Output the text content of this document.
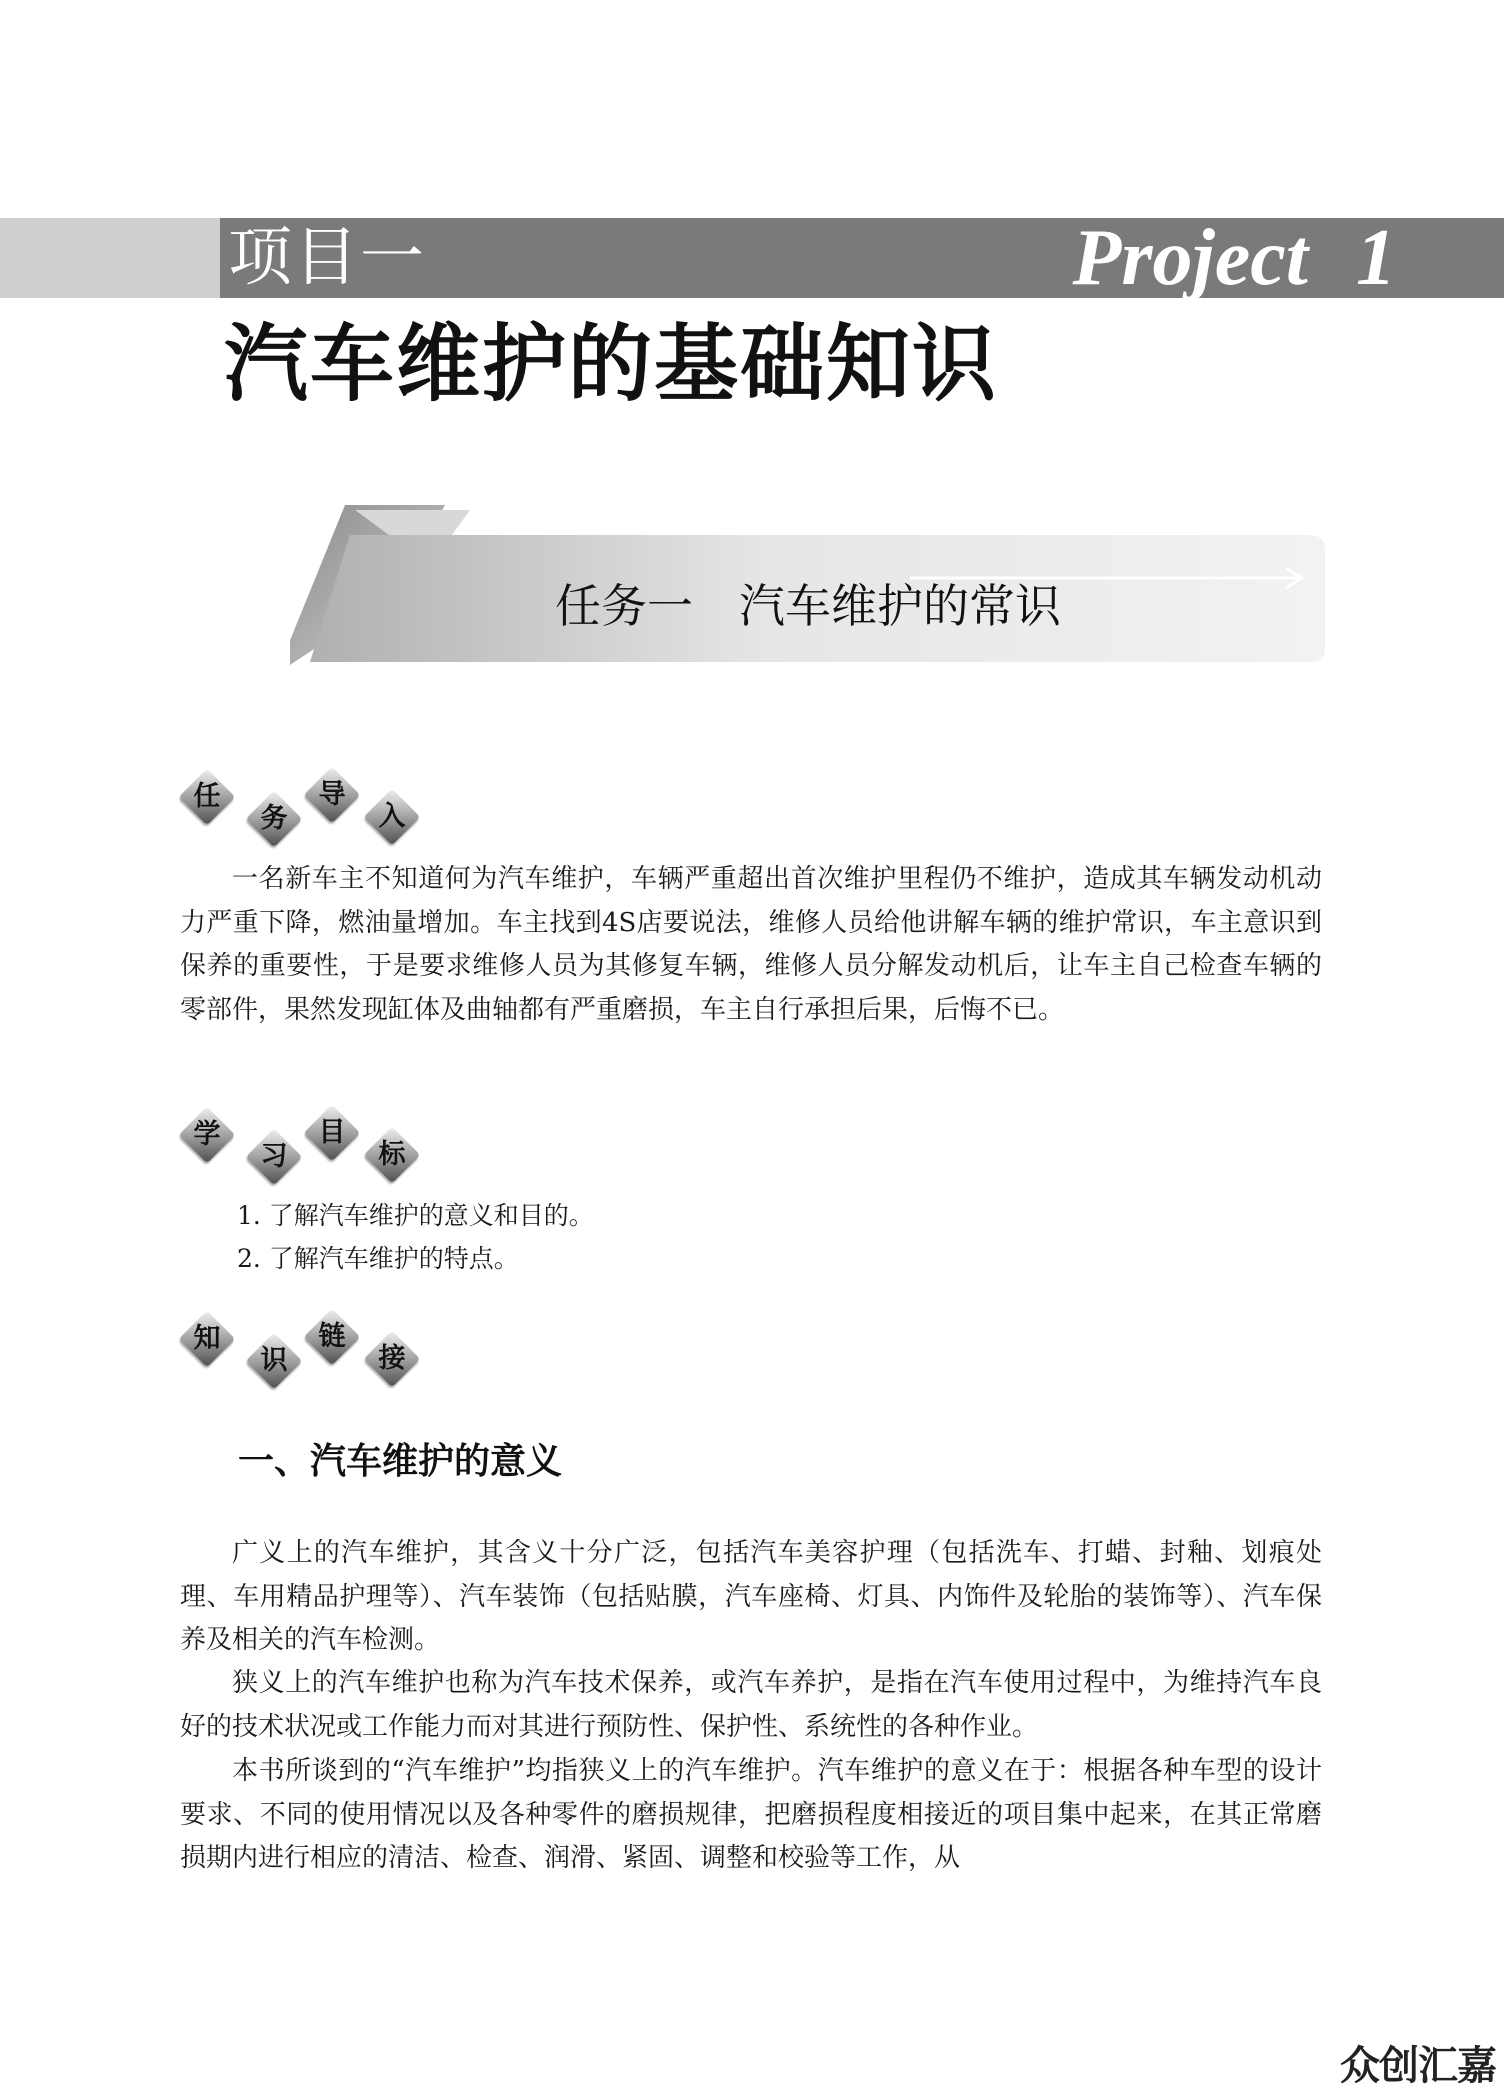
项目一	Project 1
汽车维护的基础知识
任务一　汽车维护的常识
任
务
导
入

一名新车主不知道何为汽车维护，车辆严重超出首次维护里程仍不维护，造成其车辆发动机动力严重下降，燃油量增加。车主找到4S店要说法，维修人员给他讲解车辆的维护常识，车主意识到保养的重要性，于是要求维修人员为其修复车辆，维修人员分解发动机后，让车主自己检查车辆的零部件，果然发现缸体及曲轴都有严重磨损，车主自行承担后果，后悔不已。

学
习
目
标
1. 了解汽车维护的意义和目的。
2. 了解汽车维护的特点。
知
识
链
接
一、汽车维护的意义

广义上的汽车维护，其含义十分广泛，包括汽车美容护理（包括洗车、打蜡、封釉、划痕处理、车用精品护理等）、汽车装饰（包括贴膜，汽车座椅、灯具、内饰件及轮胎的装饰等）、汽车保养及相关的汽车检测。

狭义上的汽车维护也称为汽车技术保养，或汽车养护，是指在汽车使用过程中，为维持汽车良好的技术状况或工作能力而对其进行预防性、保护性、系统性的各种作业。

本书所谈到的“汽车维护”均指狭义上的汽车维护。汽车维护的意义在于：根据各种车型的设计要求、不同的使用情况以及各种零件的磨损规律，把磨损程度相接近的项目集中起来，在其正常磨损期内进行相应的清洁、检查、润滑、紧固、调整和校验等工作，从

众创汇嘉
